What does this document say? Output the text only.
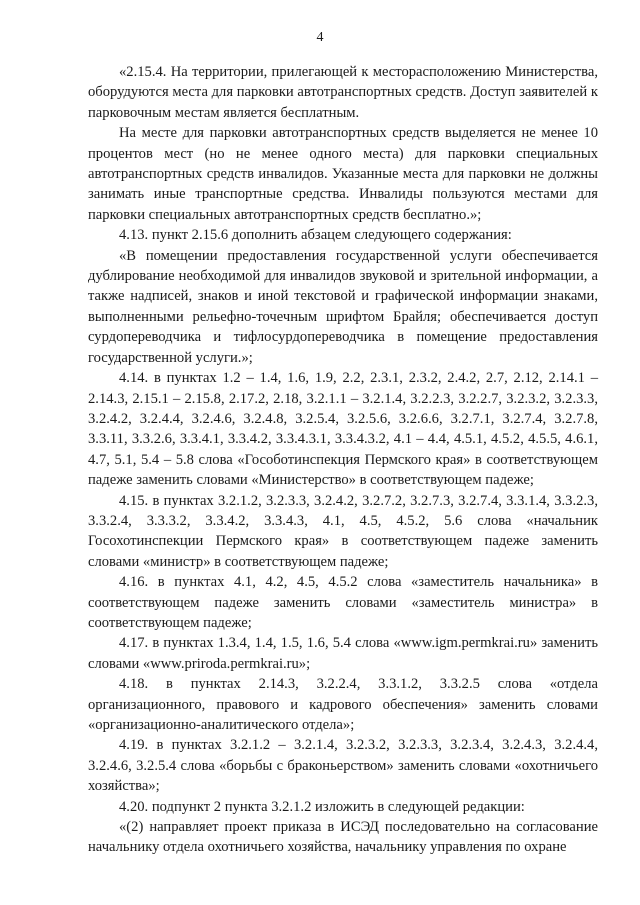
4

«2.15.4. На территории, прилегающей к месторасположению Министерства, оборудуются места для парковки автотранспортных средств. Доступ заявителей к парковочным местам является бесплатным.

На месте для парковки автотранспортных средств выделяется не менее 10 процентов мест (но не менее одного места) для парковки специальных автотранспортных средств инвалидов. Указанные места для парковки не должны занимать иные транспортные средства. Инвалиды пользуются местами для парковки специальных автотранспортных средств бесплатно.»;

4.13. пункт 2.15.6 дополнить абзацем следующего содержания:

«В помещении предоставления государственной услуги обеспечивается дублирование необходимой для инвалидов звуковой и зрительной информации, а также надписей, знаков и иной текстовой и графической информации знаками, выполненными рельефно-точечным шрифтом Брайля; обеспечивается доступ сурдопереводчика и тифлосурдопереводчика в помещение предоставления государственной услуги.»;

4.14. в пунктах 1.2 – 1.4, 1.6, 1.9, 2.2, 2.3.1, 2.3.2, 2.4.2, 2.7, 2.12, 2.14.1 – 2.14.3, 2.15.1 – 2.15.8, 2.17.2, 2.18, 3.2.1.1 – 3.2.1.4, 3.2.2.3, 3.2.2.7, 3.2.3.2, 3.2.3.3, 3.2.4.2, 3.2.4.4, 3.2.4.6, 3.2.4.8, 3.2.5.4, 3.2.5.6, 3.2.6.6, 3.2.7.1, 3.2.7.4, 3.2.7.8, 3.3.11, 3.3.2.6, 3.3.4.1, 3.3.4.2, 3.3.4.3.1, 3.3.4.3.2, 4.1 – 4.4, 4.5.1, 4.5.2, 4.5.5, 4.6.1, 4.7, 5.1, 5.4 – 5.8 слова «Гособотинспекция Пермского края» в соответствующем падеже заменить словами «Министерство» в соответствующем падеже;

4.15. в пунктах 3.2.1.2, 3.2.3.3, 3.2.4.2, 3.2.7.2, 3.2.7.3, 3.2.7.4, 3.3.1.4, 3.3.2.3, 3.3.2.4, 3.3.3.2, 3.3.4.2, 3.3.4.3, 4.1, 4.5, 4.5.2, 5.6 слова «начальник Госохотинспекции Пермского края» в соответствующем падеже заменить словами «министр» в соответствующем падеже;

4.16. в пунктах 4.1, 4.2, 4.5, 4.5.2 слова «заместитель начальника» в соответствующем падеже заменить словами «заместитель министра» в соответствующем падеже;

4.17. в пунктах 1.3.4, 1.4, 1.5, 1.6, 5.4 слова «www.igm.permkrai.ru» заменить словами «www.priroda.permkrai.ru»;

4.18. в пунктах 2.14.3, 3.2.2.4, 3.3.1.2, 3.3.2.5 слова «отдела организационного, правового и кадрового обеспечения» заменить словами «организационно-аналитического отдела»;

4.19. в пунктах 3.2.1.2 – 3.2.1.4, 3.2.3.2, 3.2.3.3, 3.2.3.4, 3.2.4.3, 3.2.4.4, 3.2.4.6, 3.2.5.4 слова «борьбы с браконьерством» заменить словами «охотничьего хозяйства»;

4.20. подпункт 2 пункта 3.2.1.2 изложить в следующей редакции:

«(2) направляет проект приказа в ИСЭД последовательно на согласование начальнику отдела охотничьего хозяйства, начальнику управления по охране
